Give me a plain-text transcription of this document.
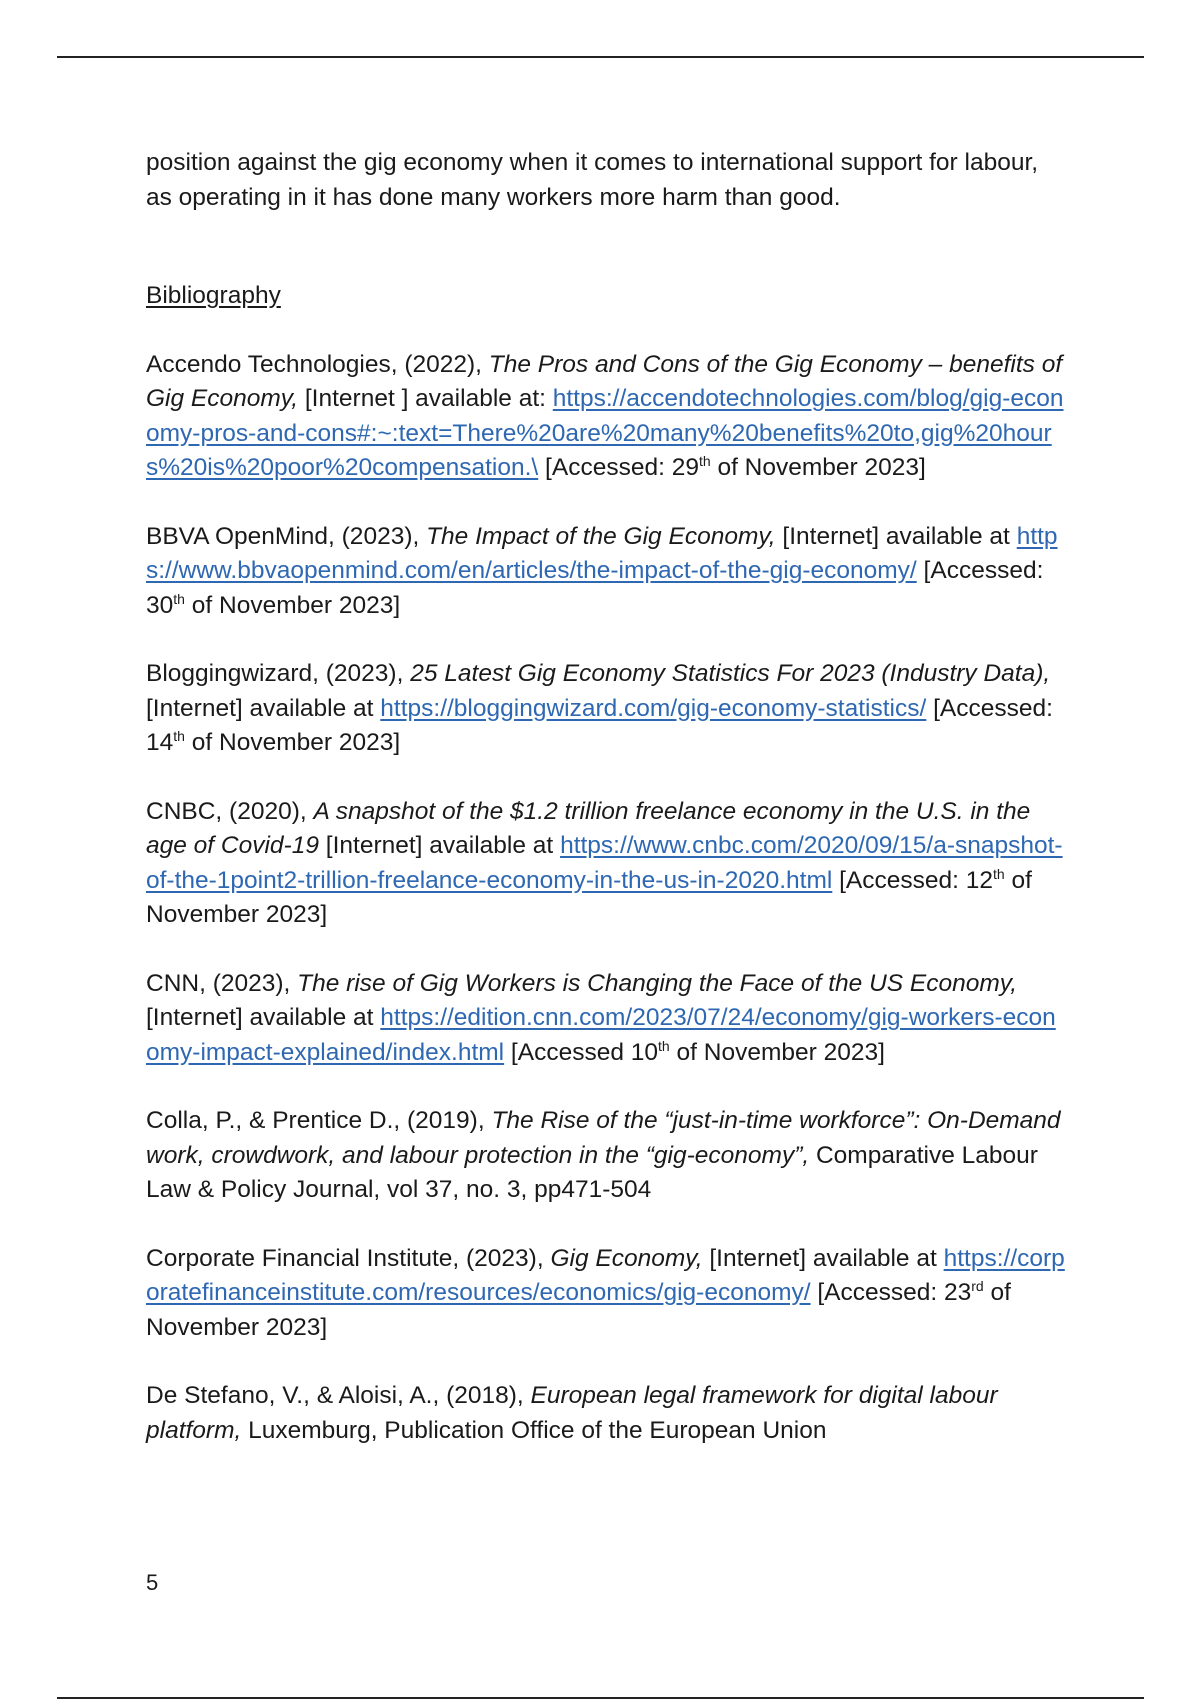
position against the gig economy when it comes to international support for labour, as operating in it has done many workers more harm than good.

Bibliography

Accendo Technologies, (2022), The Pros and Cons of the Gig Economy – benefits of Gig Economy, [Internet ] available at: https://accendotechnologies.com/blog/gig-economy-pros-and-cons#:~:text=There%20are%20many%20benefits%20to,gig%20hours%20is%20poor%20compensation.\ [Accessed: 29th of November 2023]

BBVA OpenMind, (2023), The Impact of the Gig Economy, [Internet] available at https://www.bbvaopenmind.com/en/articles/the-impact-of-the-gig-economy/ [Accessed: 30th of November 2023]

Bloggingwizard, (2023), 25 Latest Gig Economy Statistics For 2023 (Industry Data), [Internet] available at https://bloggingwizard.com/gig-economy-statistics/ [Accessed: 14th of November 2023]

CNBC, (2020), A snapshot of the $1.2 trillion freelance economy in the U.S. in the age of Covid-19 [Internet] available at https://www.cnbc.com/2020/09/15/a-snapshot-of-the-1point2-trillion-freelance-economy-in-the-us-in-2020.html [Accessed: 12th of November 2023]

CNN, (2023), The rise of Gig Workers is Changing the Face of the US Economy, [Internet] available at https://edition.cnn.com/2023/07/24/economy/gig-workers-economy-impact-explained/index.html [Accessed 10th of November 2023]

Colla, P., & Prentice D., (2019), The Rise of the “just-in-time workforce”: On-Demand work, crowdwork, and labour protection in the “gig-economy”, Comparative Labour Law & Policy Journal, vol 37, no. 3, pp471-504

Corporate Financial Institute, (2023), Gig Economy, [Internet] available at https://corporatefinanceinstitute.com/resources/economics/gig-economy/ [Accessed: 23rd of November 2023]

De Stefano, V., & Aloisi, A., (2018), European legal framework for digital labour platform, Luxemburg, Publication Office of the European Union

5
